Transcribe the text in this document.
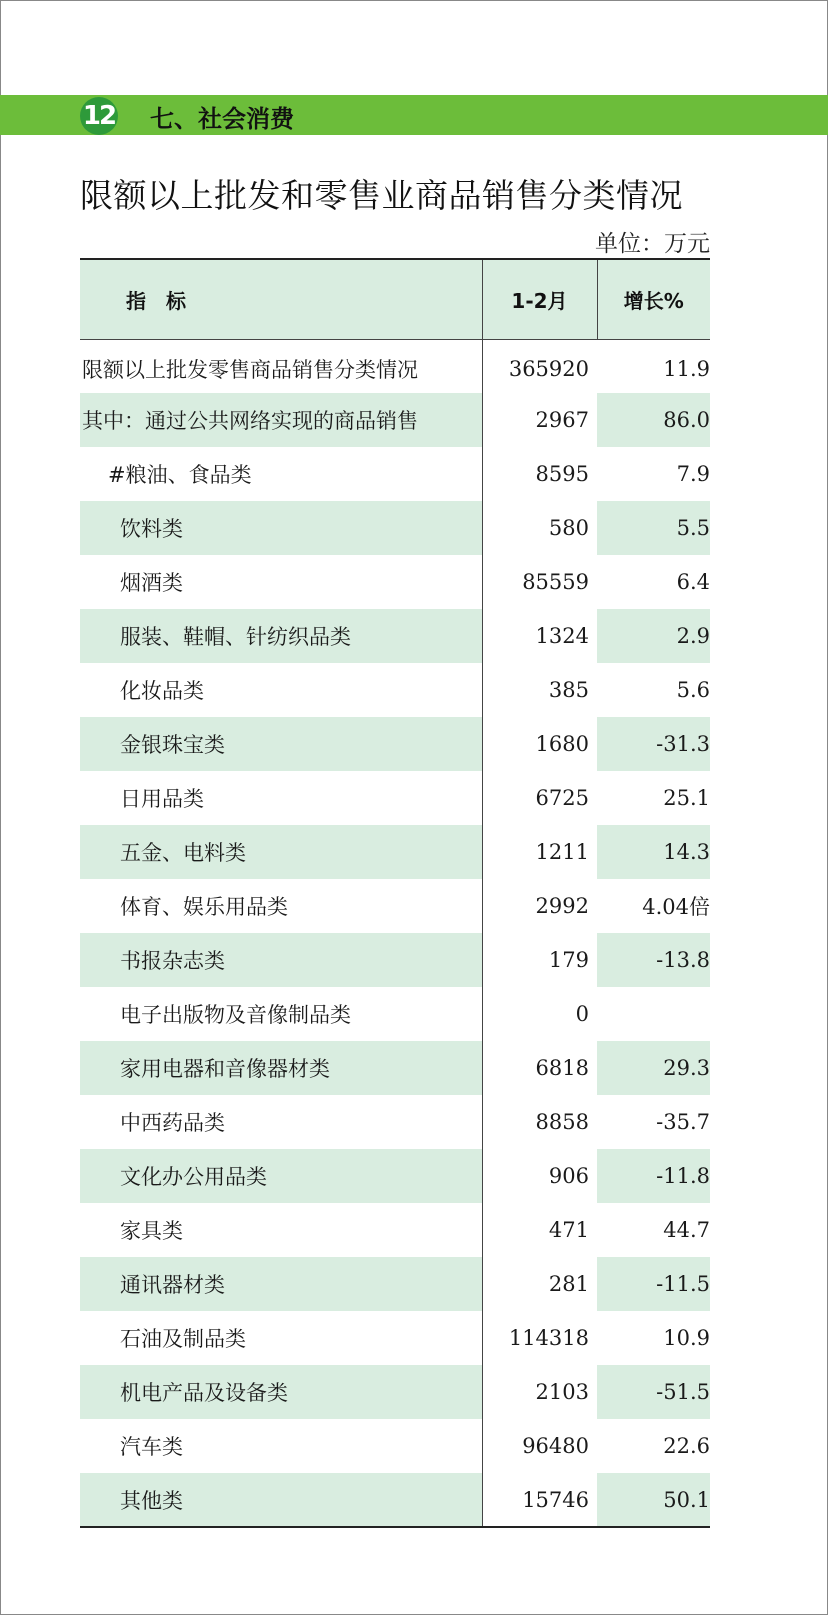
12 七、社会消费
限额以上批发和零售业商品销售分类情况
单位：万元
指　标	1-2月	增长%
限额以上批发零售商品销售分类情况	365920	11.9
其中：通过公共网络实现的商品销售	2967	86.0
#粮油、食品类	8595	7.9
饮料类	580	5.5
烟酒类	85559	6.4
服装、鞋帽、针纺织品类	1324	2.9
化妆品类	385	5.6
金银珠宝类	1680	-31.3
日用品类	6725	25.1
五金、电料类	1211	14.3
体育、娱乐用品类	2992	4.04倍
书报杂志类	179	-13.8
电子出版物及音像制品类	0	
家用电器和音像器材类	6818	29.3
中西药品类	8858	-35.7
文化办公用品类	906	-11.8
家具类	471	44.7
通讯器材类	281	-11.5
石油及制品类	114318	10.9
机电产品及设备类	2103	-51.5
汽车类	96480	22.6
其他类	15746	50.1
